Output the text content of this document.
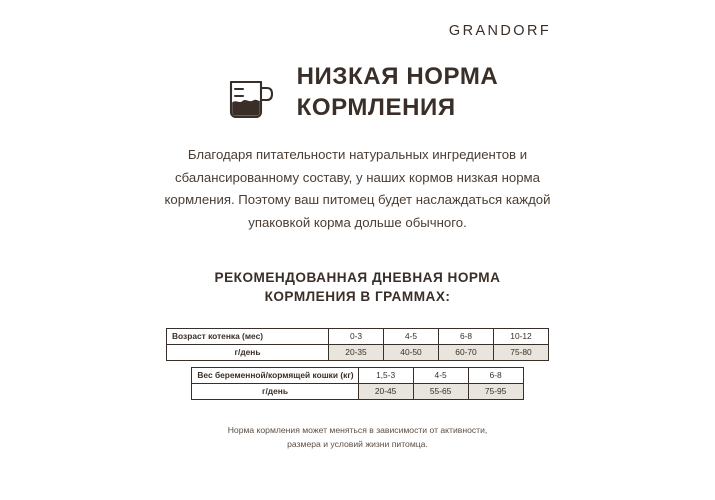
GRANDORF
НИЗКАЯ НОРМА
КОРМЛЕНИЯ
Благодаря питательности натуральных ингредиентов и сбалансированному составу, у наших кормов низкая норма кормления. Поэтому ваш питомец будет наслаждаться каждой упаковкой корма дольше обычного.
РЕКОМЕНДОВАННАЯ ДНЕВНАЯ НОРМА
КОРМЛЕНИЯ В ГРАММАХ:
Возраст котенка (мес)	0-3	4-5	6-8	10-12
г/день	20-35	40-50	60-70	75-80
Вес беременной/кормящей кошки (кг)	1,5-3	4-5	6-8
г/день	20-45	55-65	75-95
Норма кормления может меняться в зависимости от активности,
размера и условий жизни питомца.
